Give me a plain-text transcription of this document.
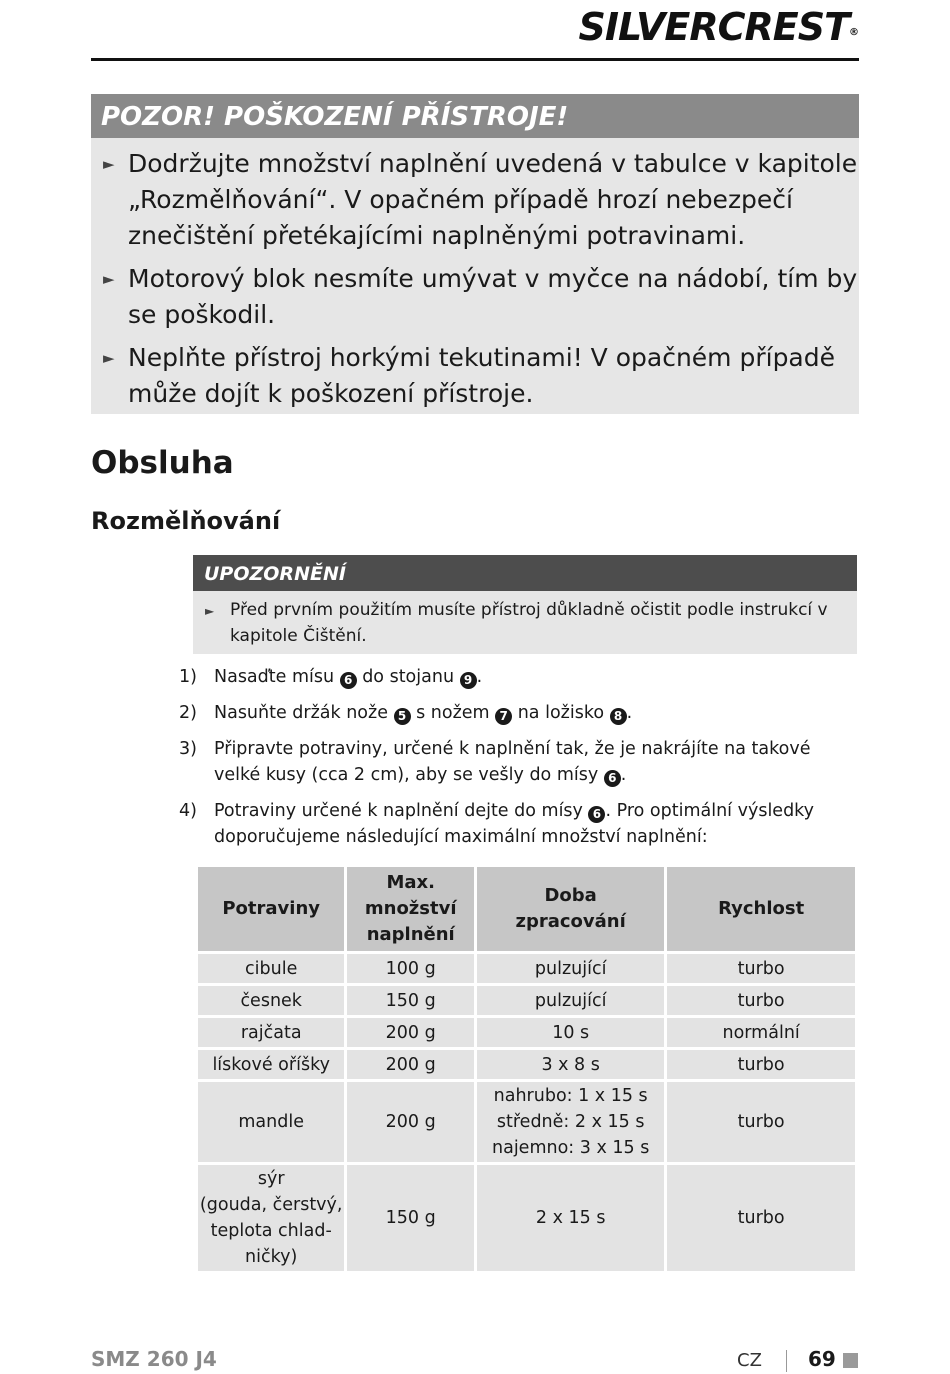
SILVERCREST®
POZOR! POŠKOZENÍ PŘÍSTROJE!
► Dodržujte množství naplnění uvedená v tabulce v kapitole „Rozmělňování“. V opačném případě hrozí nebezpečí znečištění přetékajícími naplněnými potravinami.
► Motorový blok nesmíte umývat v myčce na nádobí, tím by se poškodil.
► Neplňte přístroj horkými tekutinami! V opačném případě může dojít k poškození přístroje.
Obsluha
Rozmělňování
UPOZORNĚNÍ
► Před prvním použitím musíte přístroj důkladně očistit podle instrukcí v kapitole Čištění.
1) Nasaďte mísu 6 do stojanu 9 .
2) Nasuňte držák nože 5 s nožem 7 na ložisko 8 .
3) Připravte potraviny, určené k naplnění tak, že je nakrájíte na takové velké kusy (cca 2 cm), aby se vešly do mísy 6 .
4) Potraviny určené k naplnění dejte do mísy 6 . Pro optimální výsledky doporučujeme následující maximální množství naplnění:
Potraviny	Max. množství naplnění	Doba zpracování	Rychlost
cibule	100 g	pulzující	turbo
česnek	150 g	pulzující	turbo
rajčata	200 g	10 s	normální
lískové oříšky	200 g	3 x 8 s	turbo
mandle	200 g	nahrubo: 1 x 15 s
středně: 2 x 15 s
najemno: 3 x 15 s	turbo
sýr
(gouda, čerstvý,
teplota chlad-
ničky)	150 g	2 x 15 s	turbo
SMZ 260 J4	CZ 69
